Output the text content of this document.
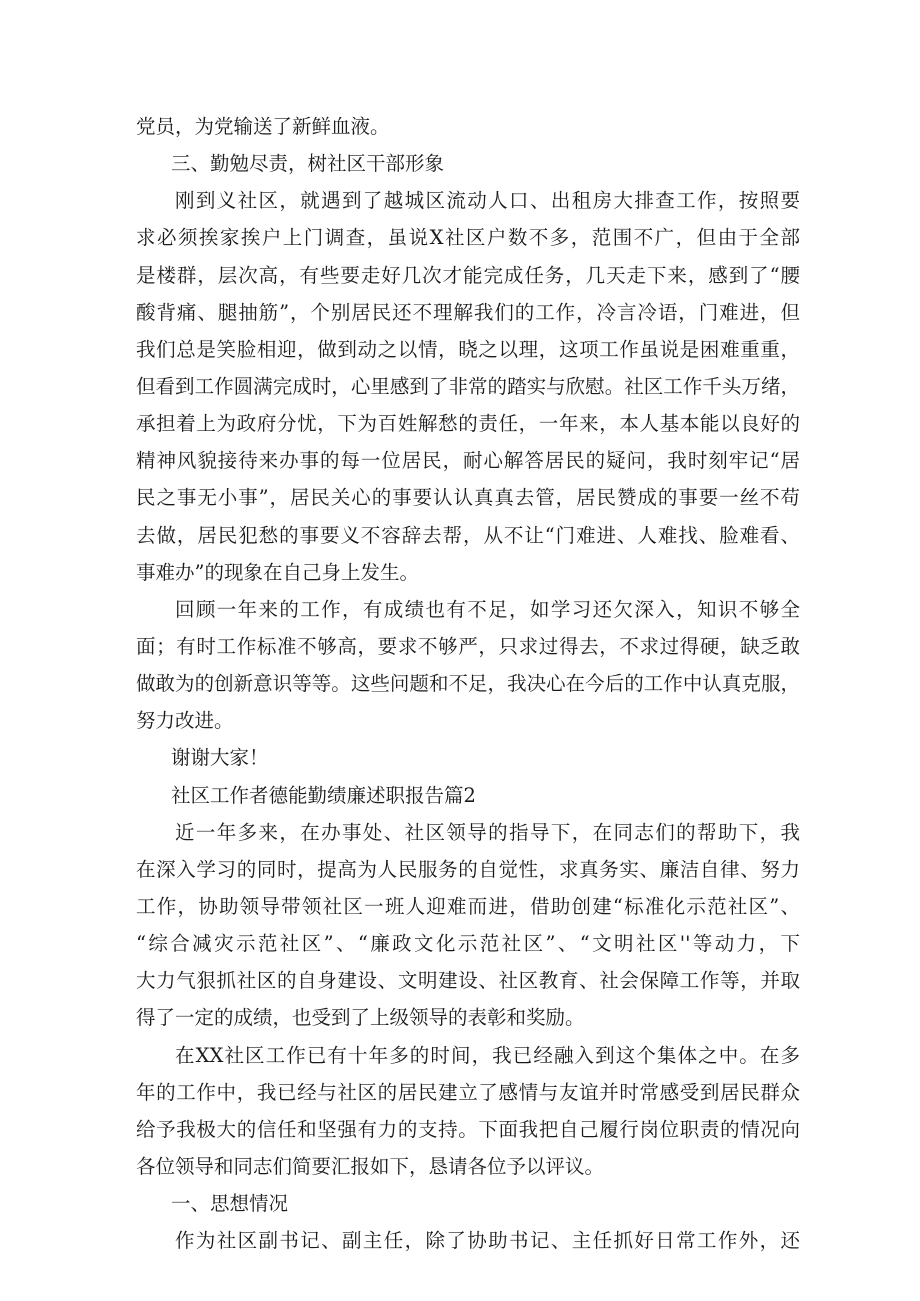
党员，为党输送了新鲜血液。
三、勤勉尽责，树社区干部形象
刚到义社区，就遇到了越城区流动人口、出租房大排查工作，按照要
求必须挨家挨户上门调查，虽说X社区户数不多，范围不广，但由于全部
是楼群，层次高，有些要走好几次才能完成任务，几天走下来，感到了“腰
酸背痛、腿抽筋”，个别居民还不理解我们的工作，冷言冷语，门难进，但
我们总是笑脸相迎，做到动之以情，晓之以理，这项工作虽说是困难重重，
但看到工作圆满完成时，心里感到了非常的踏实与欣慰。社区工作千头万绪，
承担着上为政府分忧，下为百姓解愁的责任，一年来，本人基本能以良好的
精神风貌接待来办事的每一位居民，耐心解答居民的疑问，我时刻牢记“居
民之事无小事”，居民关心的事要认认真真去管，居民赞成的事要一丝不苟
去做，居民犯愁的事要义不容辞去帮，从不让“门难进、人难找、脸难看、
事难办”的现象在自己身上发生。
回顾一年来的工作，有成绩也有不足，如学习还欠深入，知识不够全
面；有时工作标准不够高，要求不够严，只求过得去，不求过得硬，缺乏敢
做敢为的创新意识等等。这些问题和不足，我决心在今后的工作中认真克服，
努力改进。
谢谢大家！
社区工作者德能勤绩廉述职报告篇2
近一年多来，在办事处、社区领导的指导下，在同志们的帮助下，我
在深入学习的同时，提高为人民服务的自觉性，求真务实、廉洁自律、努力
工作，协助领导带领社区一班人迎难而进，借助创建“标准化示范社区”、
“综合减灾示范社区”、“廉政文化示范社区”、“文明社区''等动力，下
大力气狠抓社区的自身建设、文明建设、社区教育、社会保障工作等，并取
得了一定的成绩，也受到了上级领导的表彰和奖励。
在XX社区工作已有十年多的时间，我已经融入到这个集体之中。在多
年的工作中，我已经与社区的居民建立了感情与友谊并时常感受到居民群众
给予我极大的信任和坚强有力的支持。下面我把自己履行岗位职责的情况向
各位领导和同志们简要汇报如下，恳请各位予以评议。
一、思想情况
作为社区副书记、副主任，除了协助书记、主任抓好日常工作外，还
